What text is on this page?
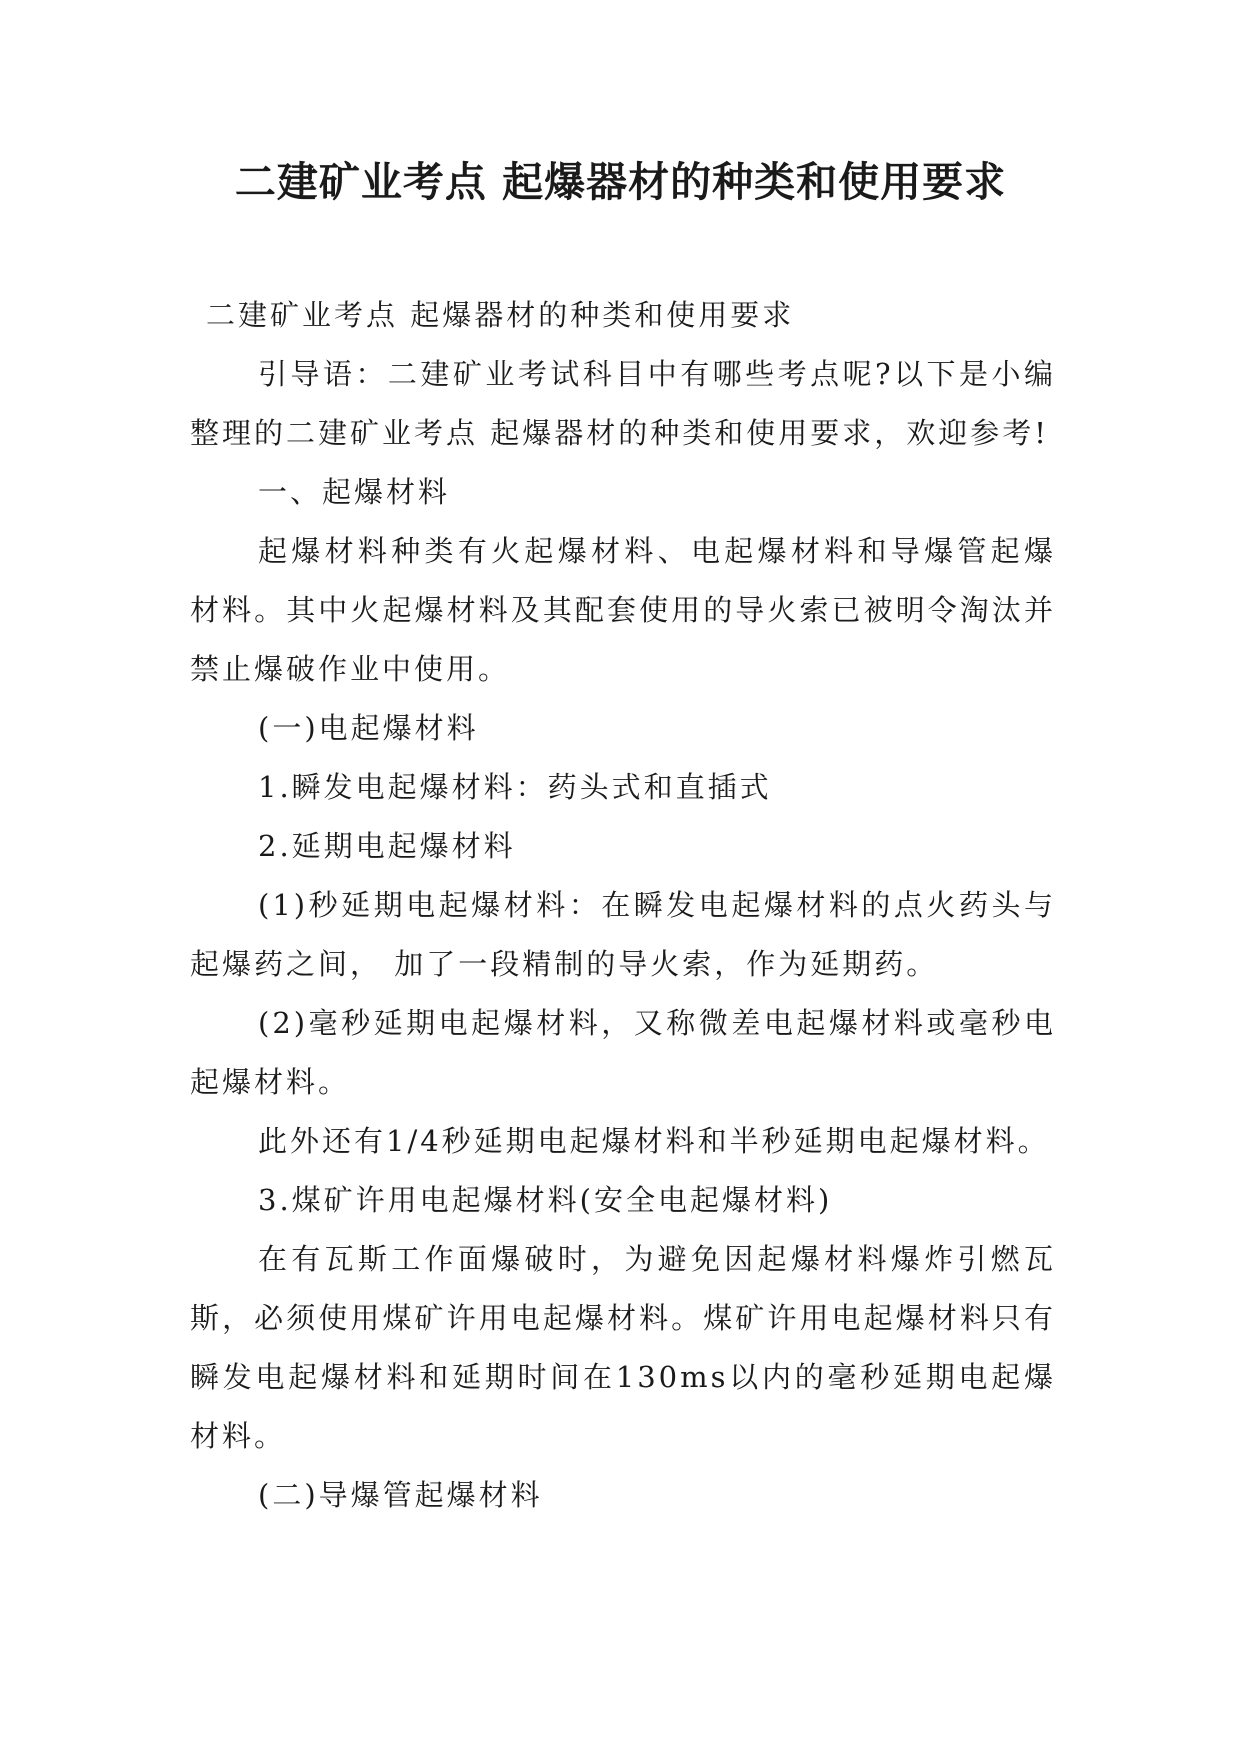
二建矿业考点 起爆器材的种类和使用要求

二建矿业考点 起爆器材的种类和使用要求

引导语：二建矿业考试科目中有哪些考点呢?以下是小编整理的二建矿业考点 起爆器材的种类和使用要求，欢迎参考!

一、起爆材料

起爆材料种类有火起爆材料、电起爆材料和导爆管起爆材料。其中火起爆材料及其配套使用的导火索已被明令淘汰并禁止爆破作业中使用。

(一)电起爆材料

1.瞬发电起爆材料：药头式和直插式

2.延期电起爆材料

(1)秒延期电起爆材料：在瞬发电起爆材料的点火药头与起爆药之间， 加了一段精制的导火索，作为延期药。

(2)毫秒延期电起爆材料，又称微差电起爆材料或毫秒电起爆材料。

此外还有1/4秒延期电起爆材料和半秒延期电起爆材料。

3.煤矿许用电起爆材料(安全电起爆材料)

在有瓦斯工作面爆破时，为避免因起爆材料爆炸引燃瓦斯，必须使用煤矿许用电起爆材料。煤矿许用电起爆材料只有瞬发电起爆材料和延期时间在130ms以内的毫秒延期电起爆材料。

(二)导爆管起爆材料
